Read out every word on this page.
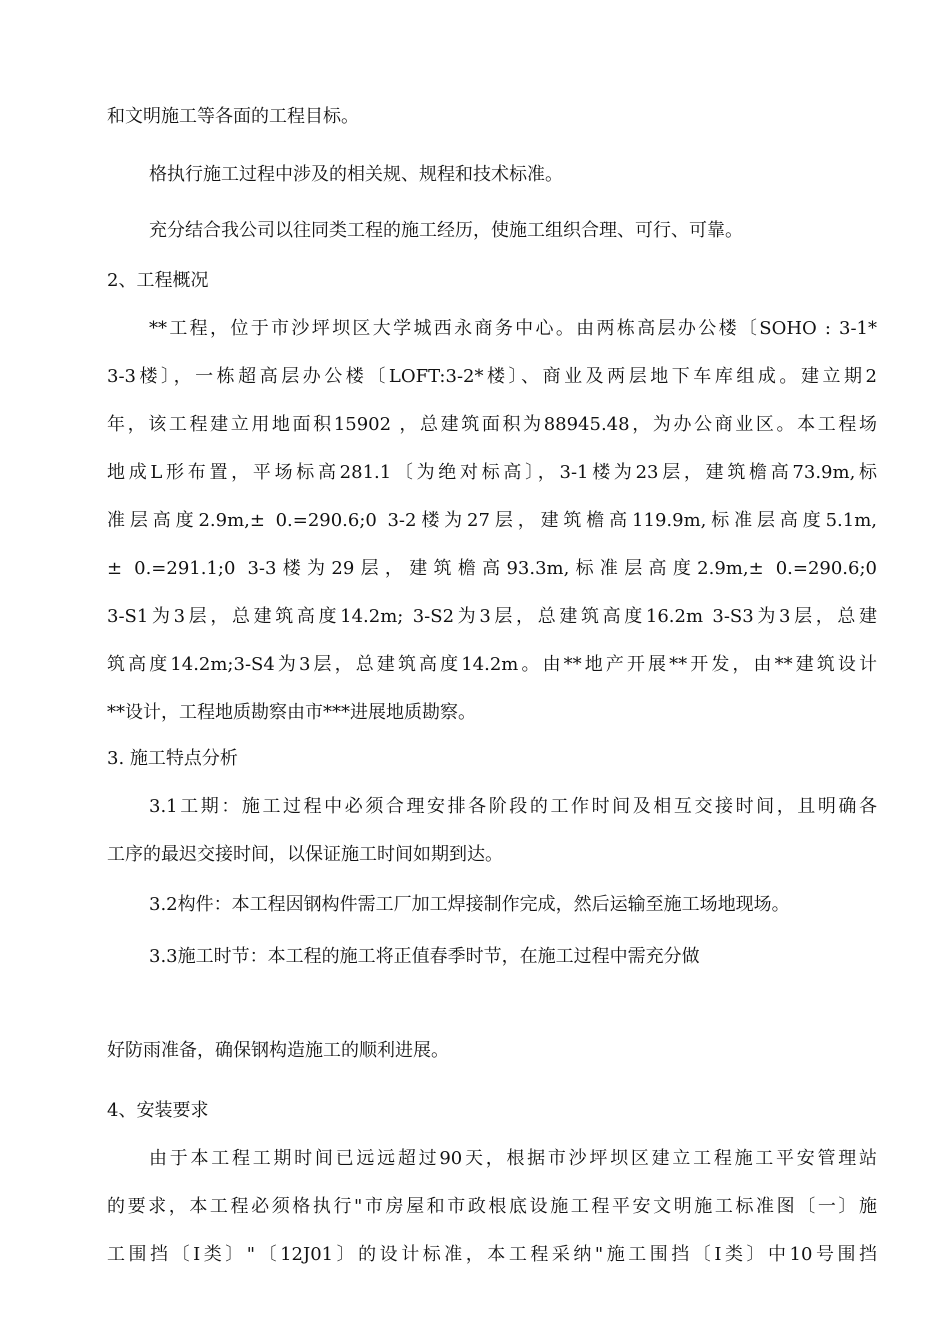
和文明施工等各面的工程目标。
格执行施工过程中涉及的相关规、规程和技术标准。
充分结合我公司以往同类工程的施工经历，使施工组织合理、可行、可靠。
2、工程概况
**工程，位于市沙坪坝区大学城西永商务中心。由两栋高层办公楼〔SOHO : 3-1*
3-3楼〕，一栋超高层办公楼〔LOFT:3-2*楼〕、商业及两层地下车库组成。建立期2
年，该工程建立用地面积15902 ，总建筑面积为88945.48，为办公商业区。本工程场
地成L形布置，平场标高281.1〔为绝对标高〕，3-1楼为23层，建筑檐高73.9m,标
准层高度2.9m,± 0.=290.6;0 3-2楼为27层，建筑檐高119.9m,标准层高度5.1m,
± 0.=291.1;0 3-3楼为29层，建筑檐高93.3m,标准层高度2.9m,± 0.=290.6;0
3-S1为3层，总建筑高度14.2m; 3-S2为3层，总建筑高度16.2m 3-S3为3层，总建
筑高度14.2m;3-S4为3层，总建筑高度14.2m。由**地产开展**开发，由**建筑设计
**设计，工程地质勘察由市***进展地质勘察。
3. 施工特点分析
3.1工期：施工过程中必须合理安排各阶段的工作时间及相互交接时间，且明确各
工序的最迟交接时间，以保证施工时间如期到达。
3.2构件：本工程因钢构件需工厂加工焊接制作完成，然后运输至施工场地现场。
3.3施工时节：本工程的施工将正值春季时节，在施工过程中需充分做
好防雨准备，确保钢构造施工的顺利进展。
4、安装要求
由于本工程工期时间已远远超过90天，根据市沙坪坝区建立工程施工平安管理站
的要求，本工程必须格执行"市房屋和市政根底设施工程平安文明施工标准图〔一〕施
工围挡〔Ⅰ类〕"〔12J01〕的设计标准，本工程采纳"施工围挡〔Ⅰ类〕中10号围挡
